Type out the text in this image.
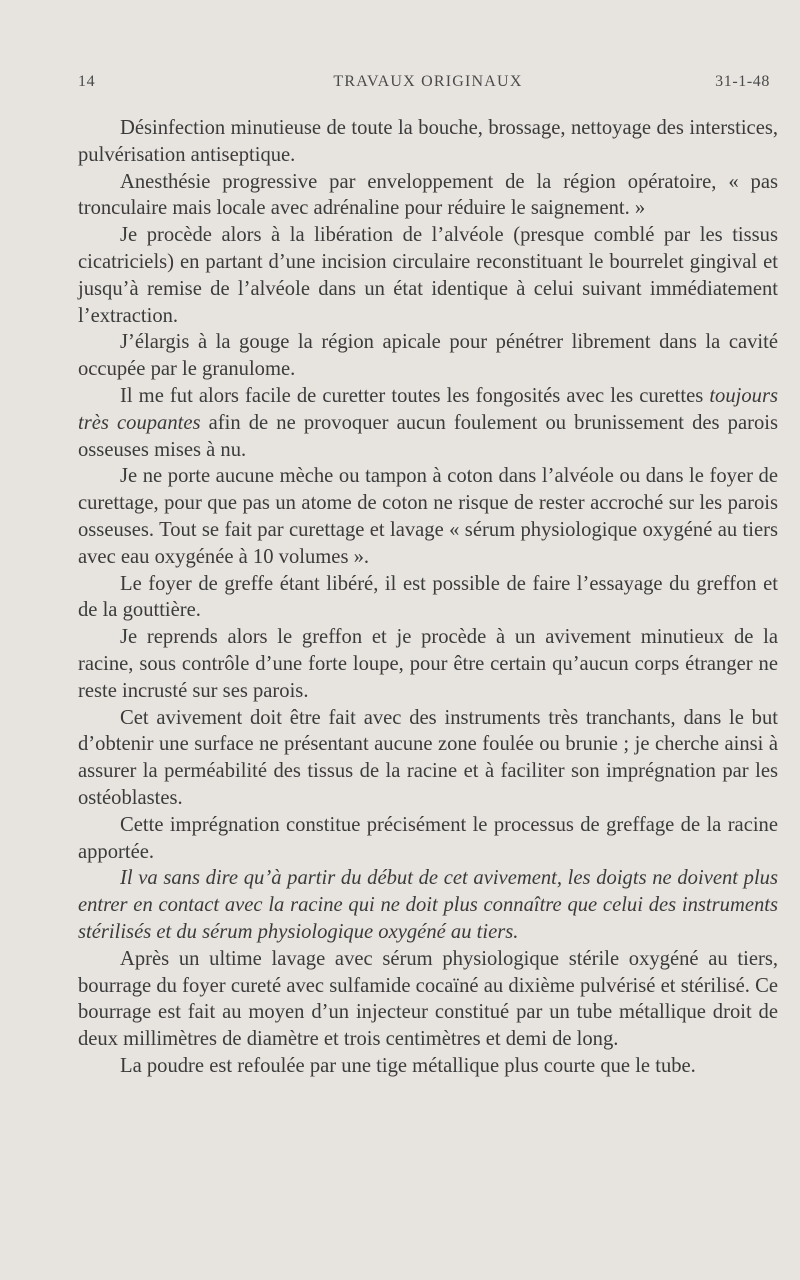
14	TRAVAUX ORIGINAUX	31-1-48

Désinfection minutieuse de toute la bouche, brossage, nettoyage des interstices, pulvérisation antiseptique.

Anesthésie progressive par enveloppement de la région opératoire, « pas tronculaire mais locale avec adrénaline pour réduire le saignement. »

Je procède alors à la libération de l’alvéole (presque comblé par les tissus cicatriciels) en partant d’une incision circulaire reconstituant le bourrelet gingival et jusqu’à remise de l’alvéole dans un état identique à celui suivant immédiatement l’extraction.

J’élargis à la gouge la région apicale pour pénétrer librement dans la cavité occupée par le granulome.

Il me fut alors facile de curetter toutes les fongosités avec les curettes toujours très coupantes afin de ne provoquer aucun foulement ou brunissement des parois osseuses mises à nu.

Je ne porte aucune mèche ou tampon à coton dans l’alvéole ou dans le foyer de curettage, pour que pas un atome de coton ne risque de rester accroché sur les parois osseuses. Tout se fait par curettage et lavage « sérum physiologique oxygéné au tiers avec eau oxygénée à 10 volumes ».

Le foyer de greffe étant libéré, il est possible de faire l’essayage du greffon et de la gouttière.

Je reprends alors le greffon et je procède à un avivement minutieux de la racine, sous contrôle d’une forte loupe, pour être certain qu’aucun corps étranger ne reste incrusté sur ses parois.

Cet avivement doit être fait avec des instruments très tranchants, dans le but d’obtenir une surface ne présentant aucune zone foulée ou brunie ; je cherche ainsi à assurer la perméabilité des tissus de la racine et à faciliter son imprégnation par les ostéoblastes.

Cette imprégnation constitue précisément le processus de greffage de la racine apportée.

Il va sans dire qu’à partir du début de cet avivement, les doigts ne doivent plus entrer en contact avec la racine qui ne doit plus connaître que celui des instruments stérilisés et du sérum physiologique oxygéné au tiers.

Après un ultime lavage avec sérum physiologique stérile oxygéné au tiers, bourrage du foyer cureté avec sulfamide cocaïné au dixième pulvérisé et stérilisé. Ce bourrage est fait au moyen d’un injecteur constitué par un tube métallique droit de deux millimètres de diamètre et trois centimètres et demi de long.

La poudre est refoulée par une tige métallique plus courte que le tube.
